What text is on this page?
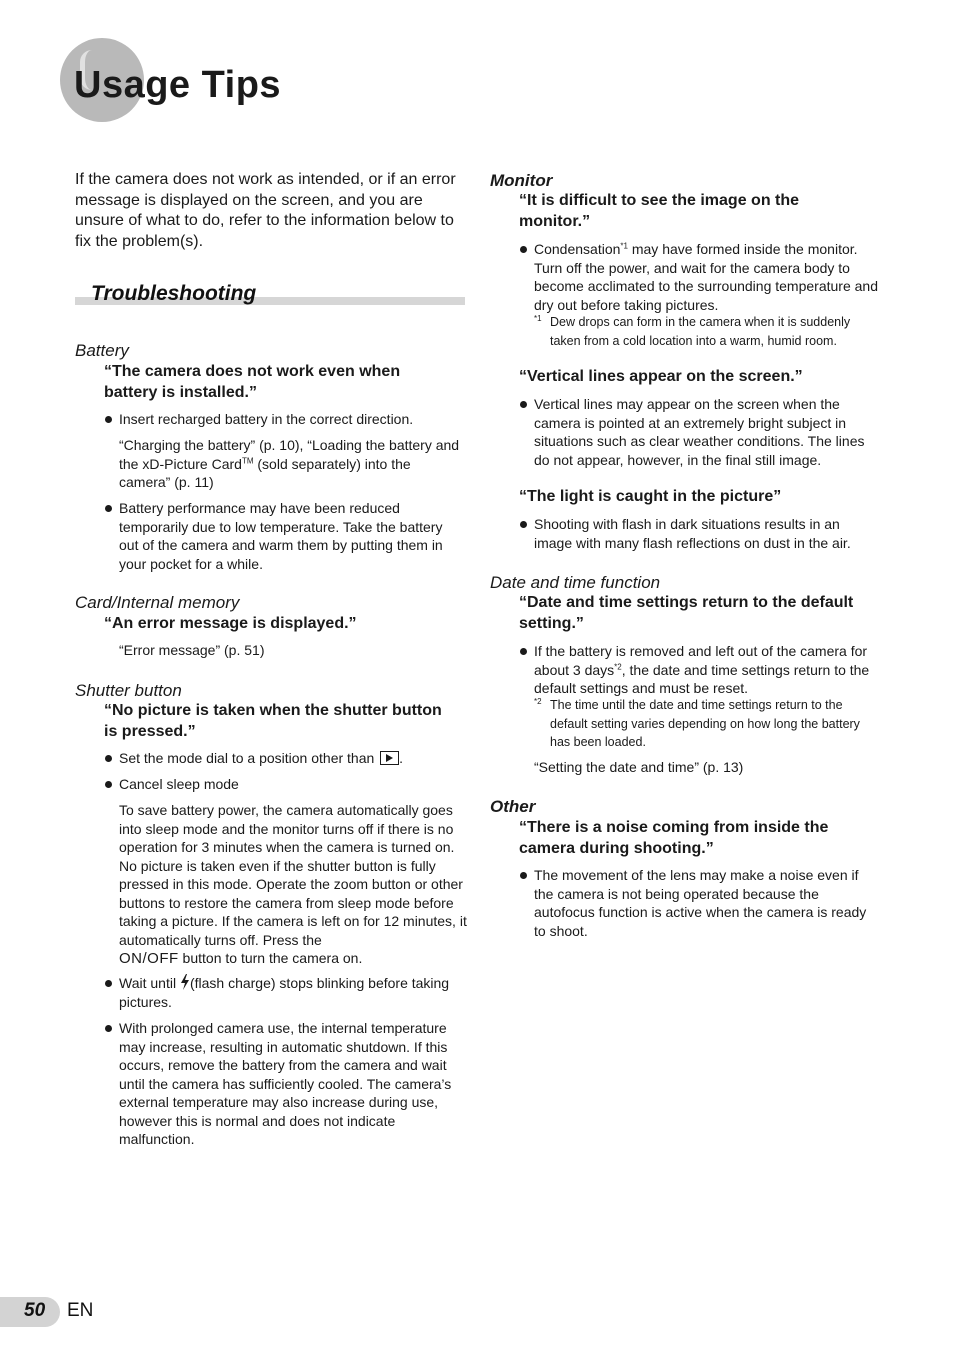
Usage Tips

If the camera does not work as intended, or if an error message is displayed on the screen, and you are unsure of what to do, refer to the information below to fix the problem(s).

Troubleshooting
Battery

“The camera does not work even when battery is installed.”

Insert recharged battery in the correct direction.

“Charging the battery” (p. 10), “Loading the battery and the xD-Picture Card™ (sold separately) into the camera” (p. 11)

Battery performance may have been reduced temporarily due to low temperature. Take the battery out of the camera and warm them by putting them in your pocket for a while.

Card/Internal memory

“An error message is displayed.”

“Error message” (p. 51)

Shutter button

“No picture is taken when the shutter button is pressed.”

Set the mode dial to a position other than .

Cancel sleep mode

To save battery power, the camera automatically goes into sleep mode and the monitor turns off if there is no operation for 3 minutes when the camera is turned on. No picture is taken even if the shutter button is fully pressed in this mode. Operate the zoom button or other buttons to restore the camera from sleep mode before taking a picture. If the camera is left on for 12 minutes, it automatically turns off. Press the
ON/OFF button to turn the camera on.

Wait until (flash charge) stops blinking before taking pictures.

With prolonged camera use, the internal temperature may increase, resulting in automatic shutdown. If this occurs, remove the battery from the camera and wait until the camera has sufficiently cooled. The camera’s external temperature may also increase during use, however this is normal and does not indicate malfunction.

Monitor

“It is difficult to see the image on the monitor.”

Condensation$^{*1}$ may have formed inside the monitor. Turn off the power, and wait for the camera body to become acclimated to the surrounding temperature and dry out before taking pictures.

*1 Dew drops can form in the camera when it is suddenly taken from a cold location into a warm, humid room.

“Vertical lines appear on the screen.”

Vertical lines may appear on the screen when the camera is pointed at an extremely bright subject in situations such as clear weather conditions. The lines do not appear, however, in the final still image.

“The light is caught in the picture”

Shooting with flash in dark situations results in an image with many flash reflections on dust in the air.

Date and time function

“Date and time settings return to the default setting.”

If the battery is removed and left out of the camera for about 3 days$^{*2}$, the date and time settings return to the default settings and must be reset.

*2 The time until the date and time settings return to the default setting varies depending on how long the battery has been loaded.

“Setting the date and time” (p. 13)

Other

“There is a noise coming from inside the camera during shooting.”

The movement of the lens may make a noise even if the camera is not being operated because the autofocus function is active when the camera is ready to shoot.

50 EN
